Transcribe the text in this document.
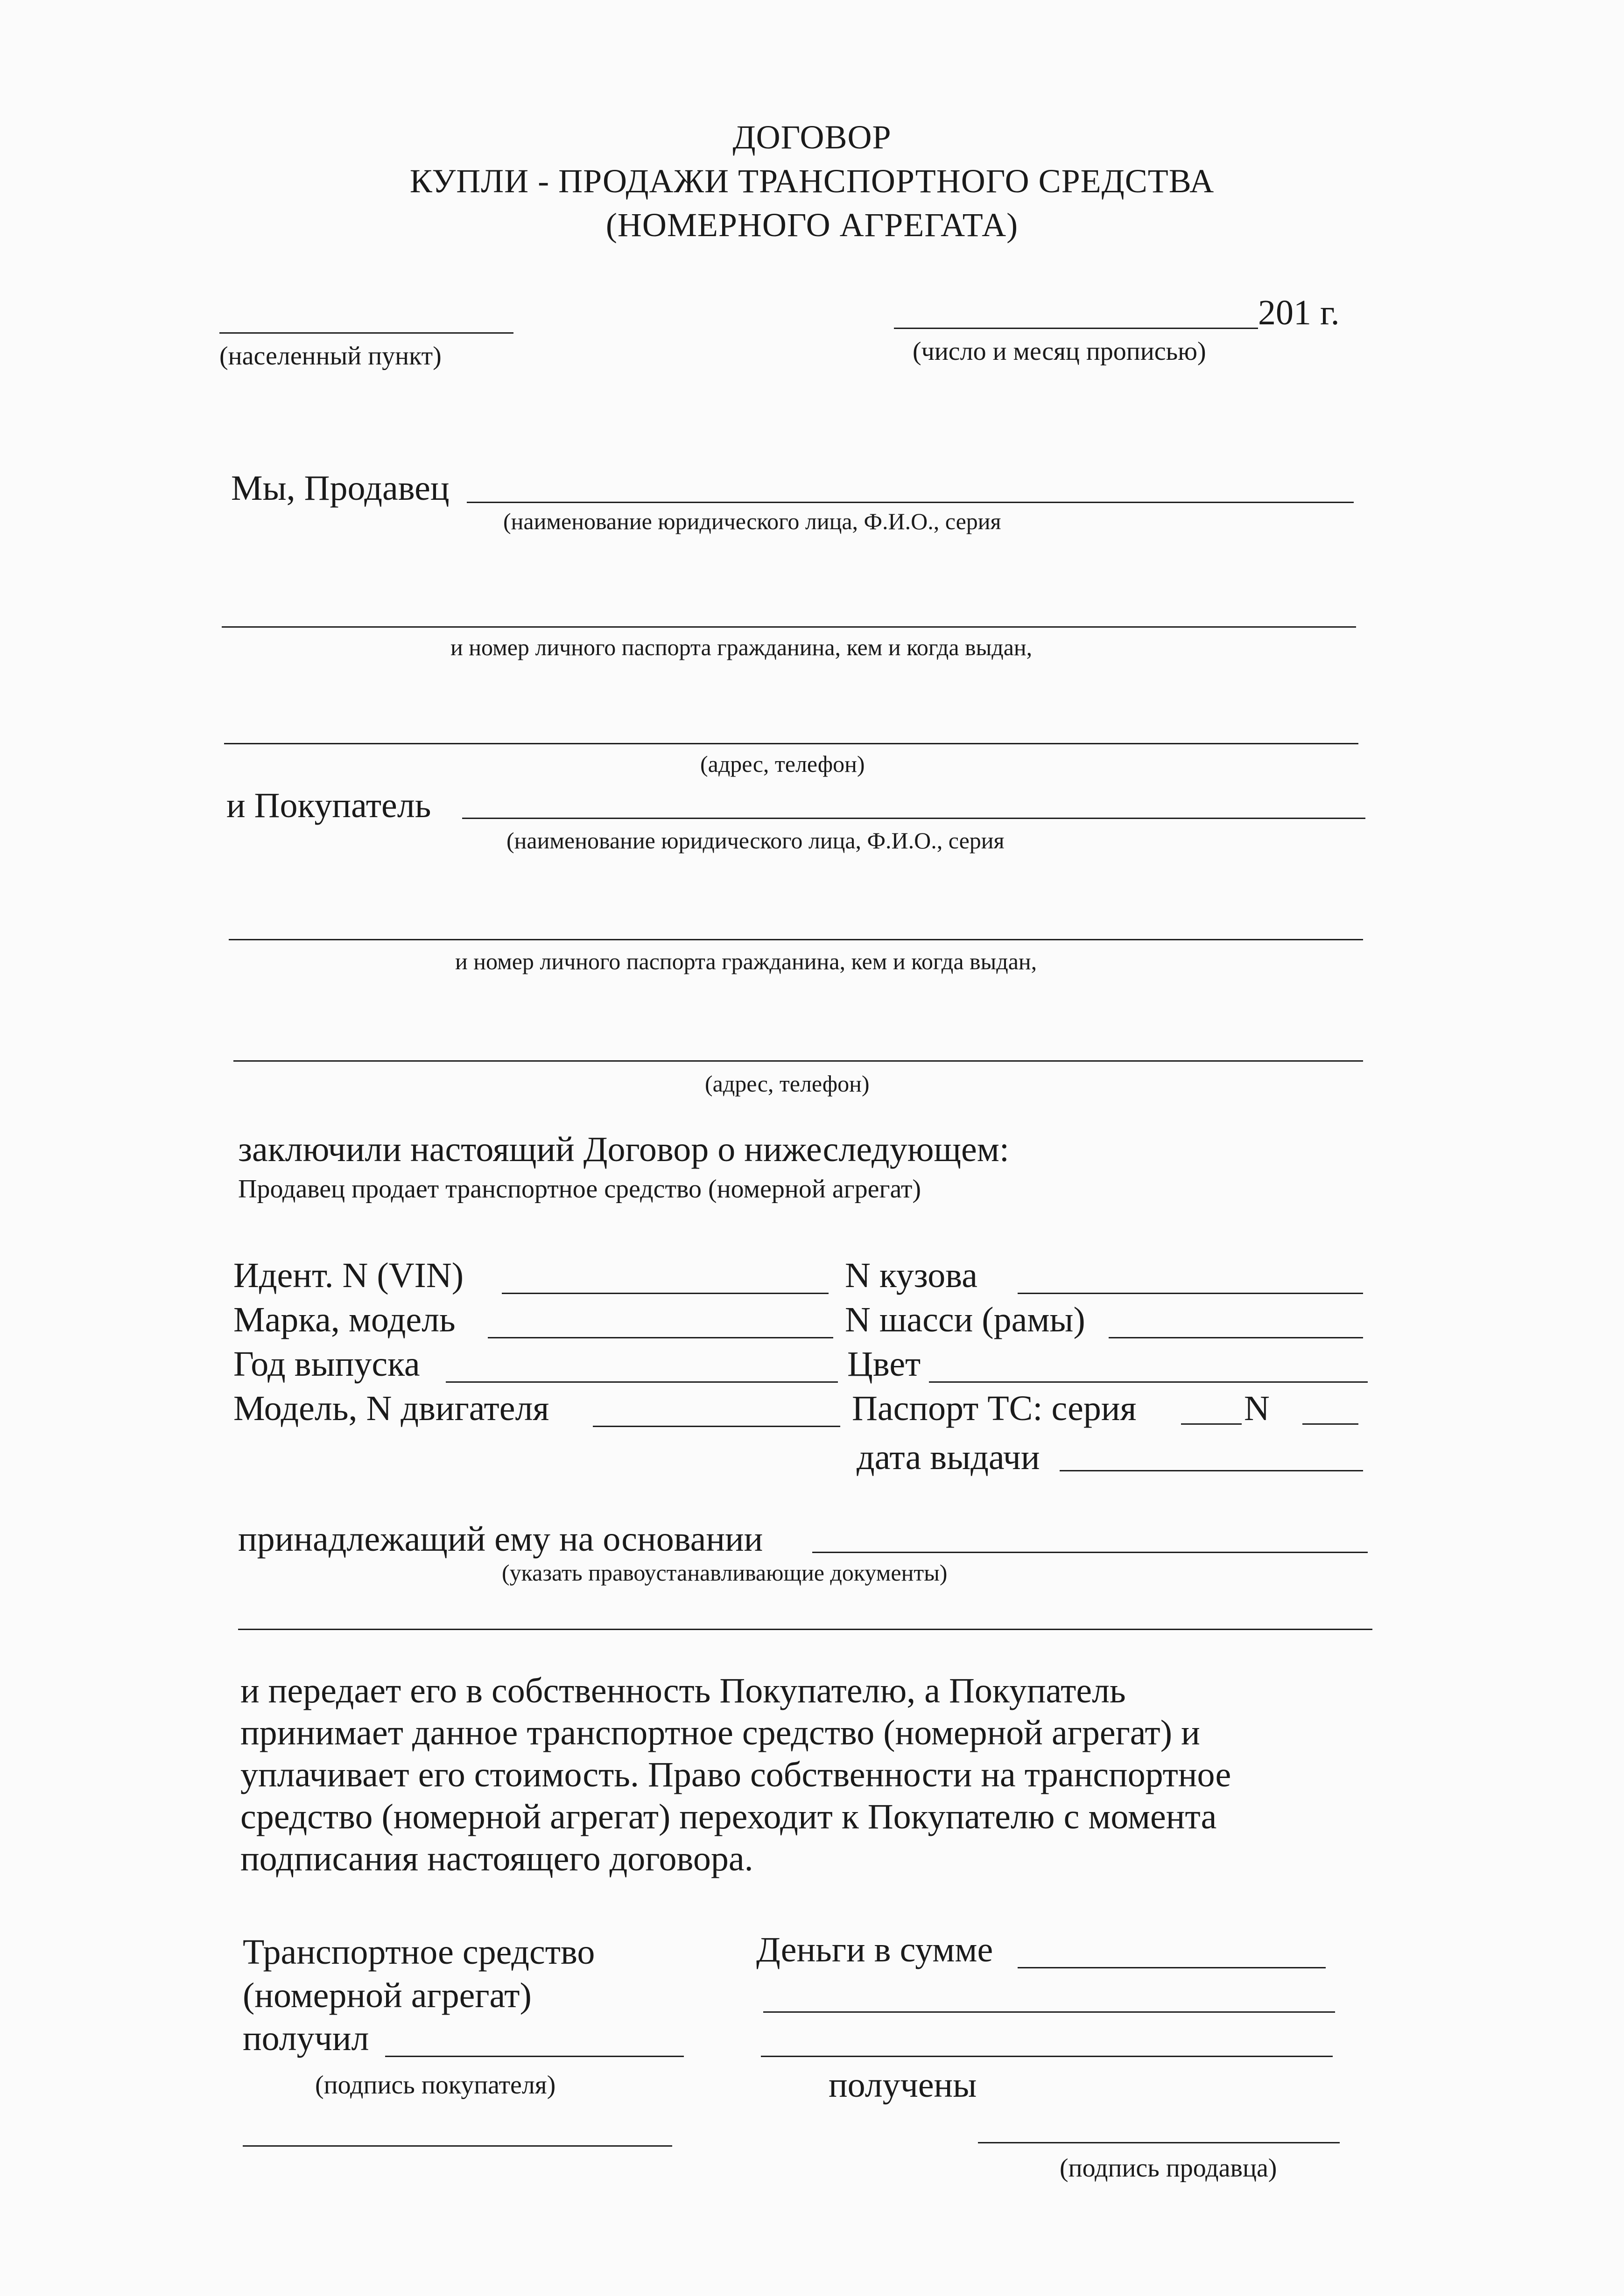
ДОГОВОР
КУПЛИ - ПРОДАЖИ ТРАНСПОРТНОГО СРЕДСТВА
(НОМЕРНОГО АГРЕГАТА)
(населенный пункт)
201 г.
(число и месяц прописью)
Мы, Продавец
(наименование юридического лица, Ф.И.О., серия
и номер личного паспорта гражданина, кем и когда выдан,
(адрес, телефон)
и Покупатель
(наименование юридического лица, Ф.И.О., серия
и номер личного паспорта гражданина, кем и когда выдан,
(адрес, телефон)
заключили настоящий Договор о нижеследующем:
Продавец продает транспортное средство (номерной агрегат)
Идент. N (VIN)	N кузова
Марка, модель	N шасси (рамы)
Год выпуска	Цвет
Модель, N двигателя	Паспорт ТС: серия	N
дата выдачи
принадлежащий ему на основании
(указать правоустанавливающие документы)
и передает его в собственность Покупателю, а Покупатель
принимает данное транспортное средство (номерной агрегат) и
уплачивает его стоимость. Право собственности на транспортное
средство (номерной агрегат) переходит к Покупателю с момента
подписания настоящего договора.
Транспортное средство
(номерной агрегат)
получил
(подпись покупателя)
Деньги в сумме
получены
(подпись продавца)
